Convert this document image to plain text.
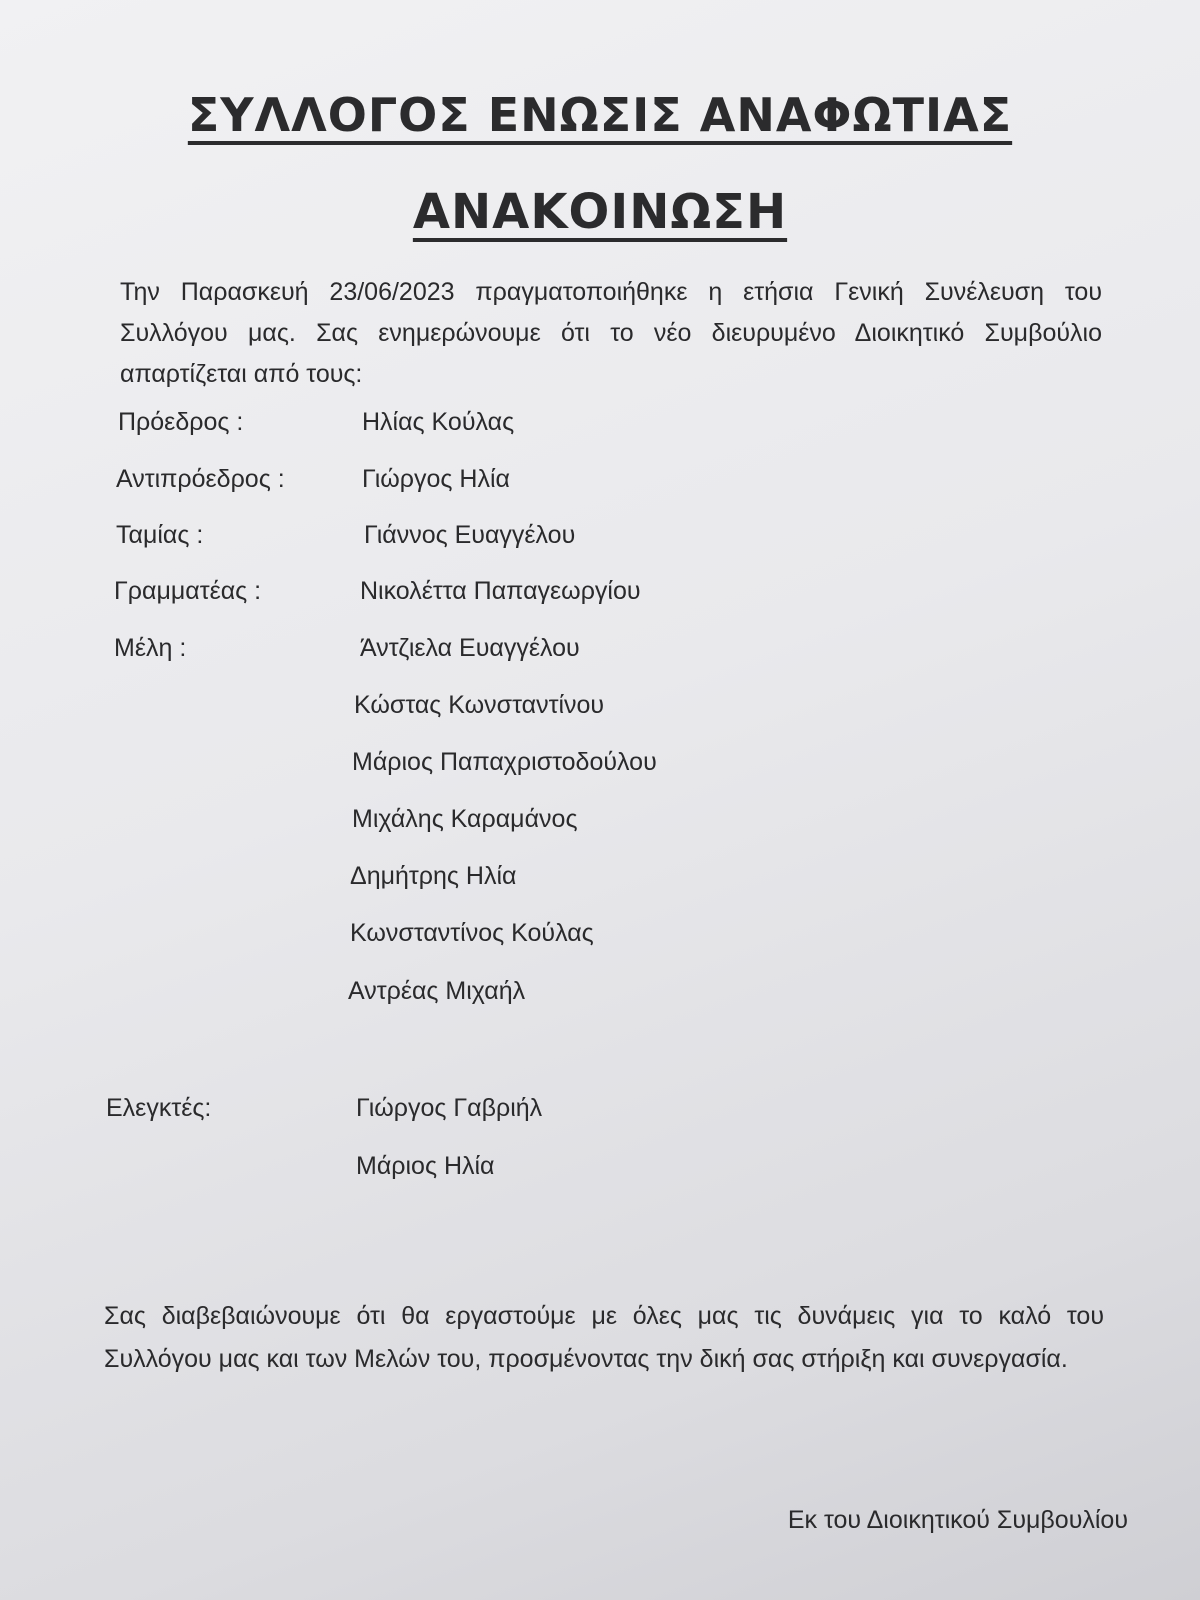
ΣΥΛΛΟΓΟΣ ΕΝΩΣΙΣ ΑΝΑΦΩΤΙΑΣ
ΑΝΑΚΟΙΝΩΣΗ
Την Παρασκευή 23/06/2023 πραγματοποιήθηκε η ετήσια Γενική Συνέλευση του Συλλόγου μας. Σας ενημερώνουμε ότι το νέο διευρυμένο Διοικητικό Συμβούλιο απαρτίζεται από τους:
Πρόεδρος :	Ηλίας Κούλας
Αντιπρόεδρος :	Γιώργος Ηλία
Ταμίας :	Γιάννος Ευαγγέλου
Γραμματέας :	Νικολέττα Παπαγεωργίου
Μέλη :	Άντζιελα Ευαγγέλου
Κώστας Κωνσταντίνου
Μάριος Παπαχριστοδούλου
Μιχάλης Καραμάνος
Δημήτρης Ηλία
Κωνσταντίνος Κούλας
Αντρέας Μιχαήλ
Ελεγκτές:	Γιώργος Γαβριήλ
Μάριος Ηλία
Σας διαβεβαιώνουμε ότι θα εργαστούμε με όλες μας τις δυνάμεις για το καλό του Συλλόγου μας και των Μελών του, προσμένοντας την δική σας στήριξη και συνεργασία.
Εκ του Διοικητικού Συμβουλίου
